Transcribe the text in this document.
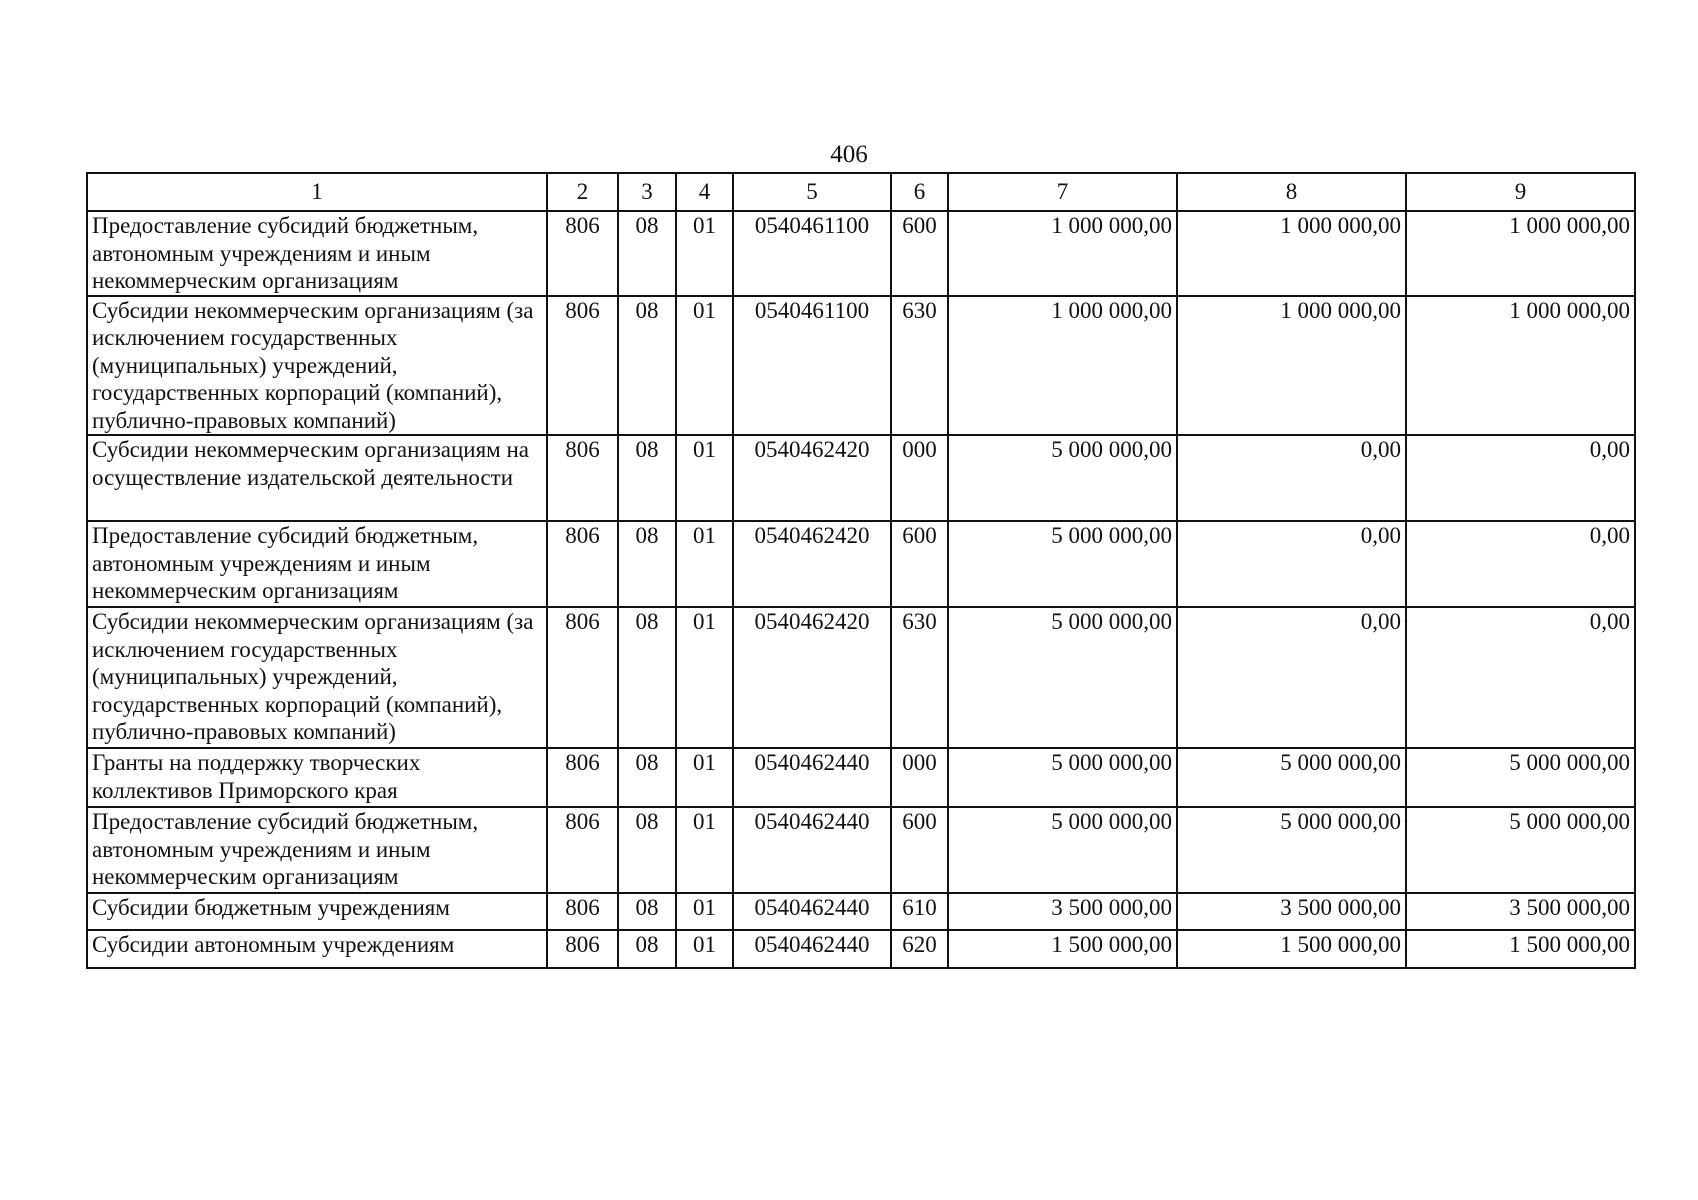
406
1	2	3	4	5	6	7	8	9
Предоставление субсидий бюджетным, автономным учреждениям и иным некоммерческим организациям	806	08	01	0540461100	600	1 000 000,00	1 000 000,00	1 000 000,00
Субсидии некоммерческим организациям (за исключением государственных (муниципальных) учреждений, государственных корпораций (компаний), публично-правовых компаний)	806	08	01	0540461100	630	1 000 000,00	1 000 000,00	1 000 000,00
Субсидии некоммерческим организациям на осуществление издательской деятельности	806	08	01	0540462420	000	5 000 000,00	0,00	0,00
Предоставление субсидий бюджетным, автономным учреждениям и иным некоммерческим организациям	806	08	01	0540462420	600	5 000 000,00	0,00	0,00
Субсидии некоммерческим организациям (за исключением государственных (муниципальных) учреждений, государственных корпораций (компаний), публично-правовых компаний)	806	08	01	0540462420	630	5 000 000,00	0,00	0,00
Гранты на поддержку творческих коллективов Приморского края	806	08	01	0540462440	000	5 000 000,00	5 000 000,00	5 000 000,00
Предоставление субсидий бюджетным, автономным учреждениям и иным некоммерческим организациям	806	08	01	0540462440	600	5 000 000,00	5 000 000,00	5 000 000,00
Субсидии бюджетным учреждениям	806	08	01	0540462440	610	3 500 000,00	3 500 000,00	3 500 000,00
Субсидии автономным учреждениям	806	08	01	0540462440	620	1 500 000,00	1 500 000,00	1 500 000,00
